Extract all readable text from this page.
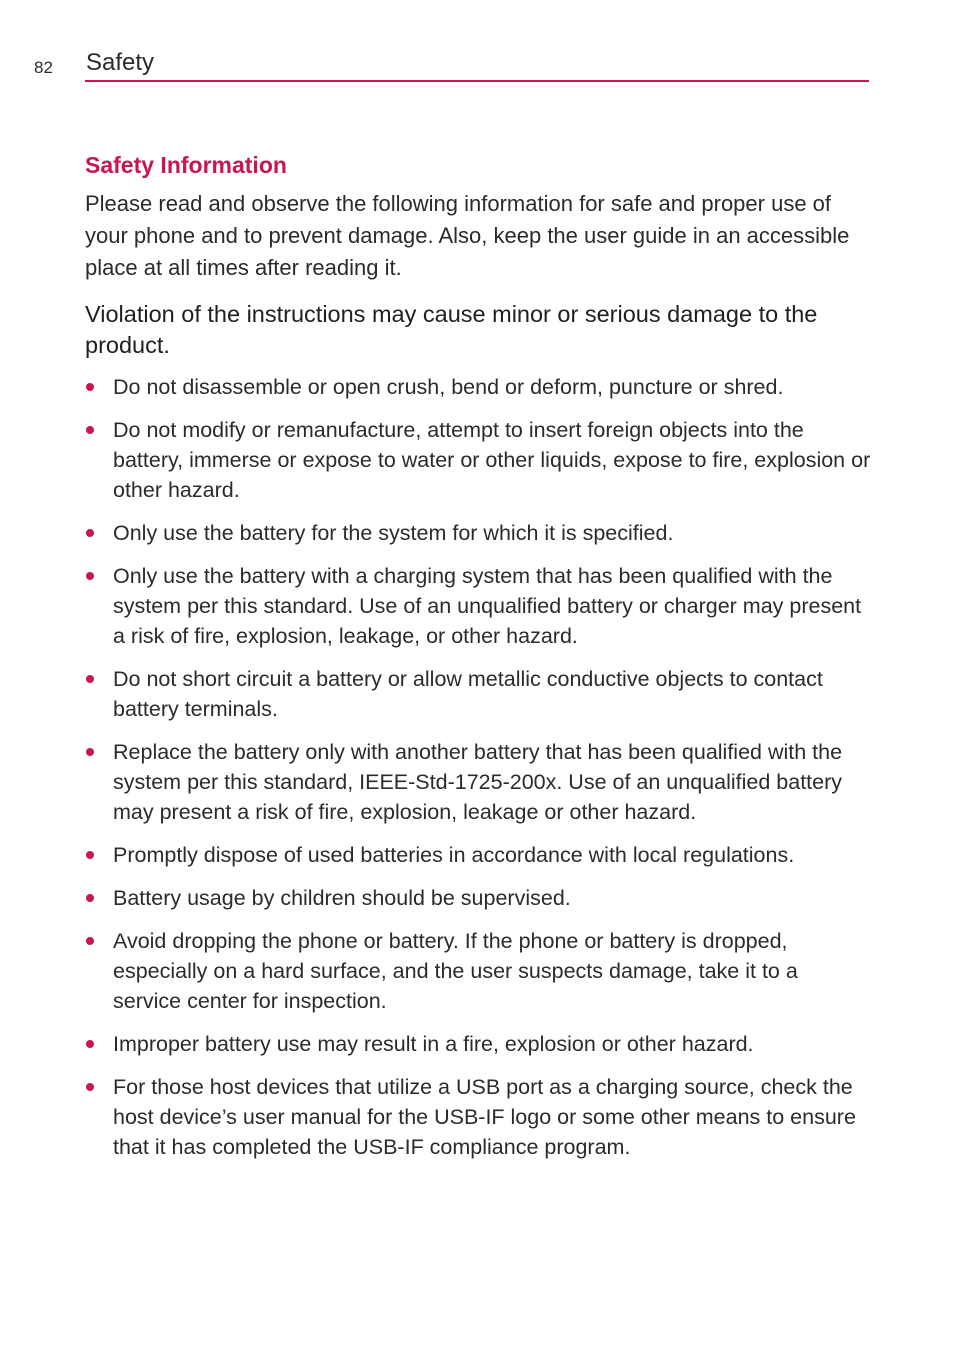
82 Safety
Safety Information

Please read and observe the following information for safe and proper use of your phone and to prevent damage. Also, keep the user guide in an accessible place at all times after reading it.

Violation of the instructions may cause minor or serious damage to the product.

Do not disassemble or open crush, bend or deform, puncture or shred.
Do not modify or remanufacture, attempt to insert foreign objects into the battery, immerse or expose to water or other liquids, expose to fire, explosion or other hazard.
Only use the battery for the system for which it is specified.
Only use the battery with a charging system that has been qualified with the system per this standard. Use of an unqualified battery or charger may present a risk of fire, explosion, leakage, or other hazard.
Do not short circuit a battery or allow metallic conductive objects to contact battery terminals.
Replace the battery only with another battery that has been qualified with the system per this standard, IEEE-Std-1725-200x. Use of an unqualified battery may present a risk of fire, explosion, leakage or other hazard.
Promptly dispose of used batteries in accordance with local regulations.
Battery usage by children should be supervised.
Avoid dropping the phone or battery. If the phone or battery is dropped, especially on a hard surface, and the user suspects damage, take it to a service center for inspection.
Improper battery use may result in a fire, explosion or other hazard.
For those host devices that utilize a USB port as a charging source, check the host device’s user manual for the USB-IF logo or some other means to ensure that it has completed the USB-IF compliance program.
